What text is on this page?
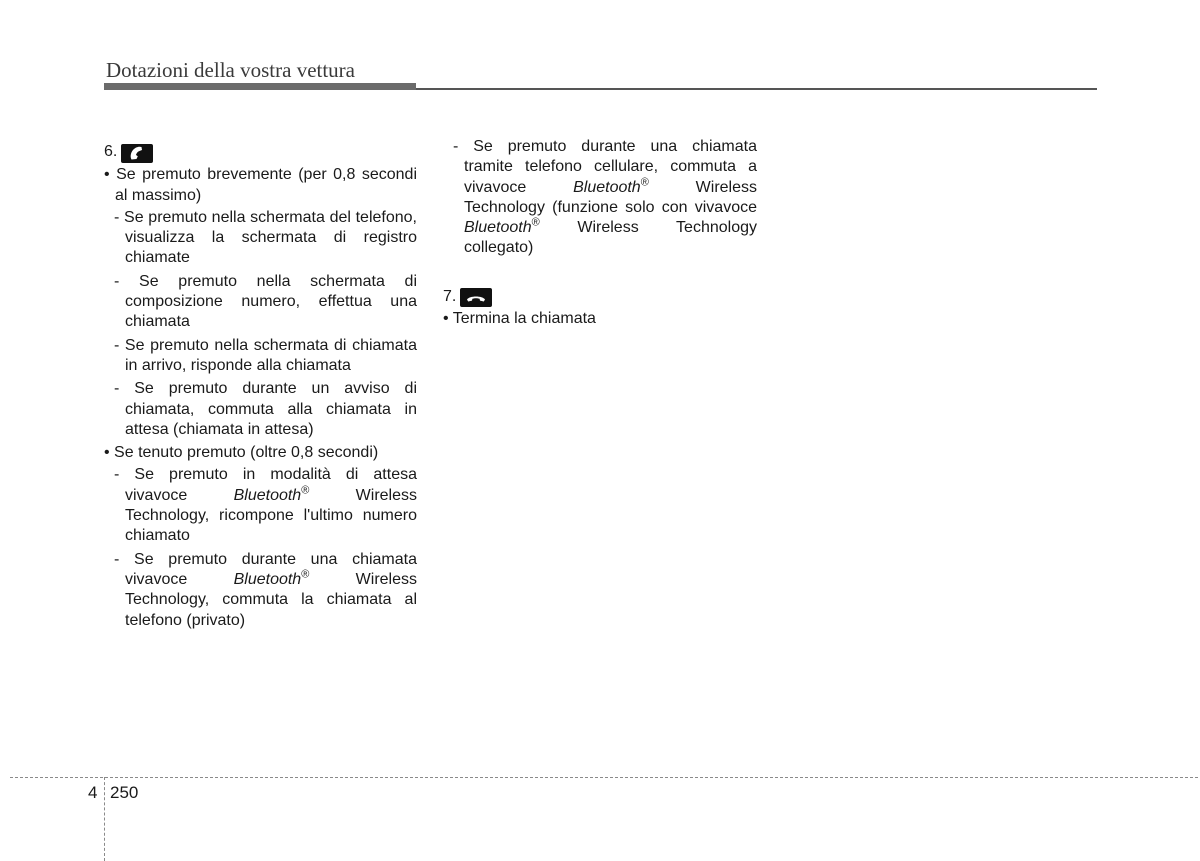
Dotazioni della vostra vettura
6.
• Se premuto brevemente (per 0,8 secondi al massimo)
- Se premuto nella schermata del telefono, visualizza la schermata di registro chiamate
- Se premuto nella schermata di composizione numero, effettua una chiamata
- Se premuto nella schermata di chiamata in arrivo, risponde alla chiamata
- Se premuto durante un avviso di chiamata, commuta alla chiamata in attesa (chiamata in attesa)
• Se tenuto premuto (oltre 0,8 secondi)
- Se premuto in modalità di attesa vivavoce Bluetooth® Wireless Technology, ricompone l'ultimo numero chiamato
- Se premuto durante una chiamata vivavoce Bluetooth® Wireless Technology, commuta la chiamata al telefono (privato)
- Se premuto durante una chiamata tramite telefono cellulare, commuta a vivavoce Bluetooth® Wireless Technology (funzione solo con vivavoce Bluetooth® Wireless Technology collegato)
7.
• Termina la chiamata
4 250
